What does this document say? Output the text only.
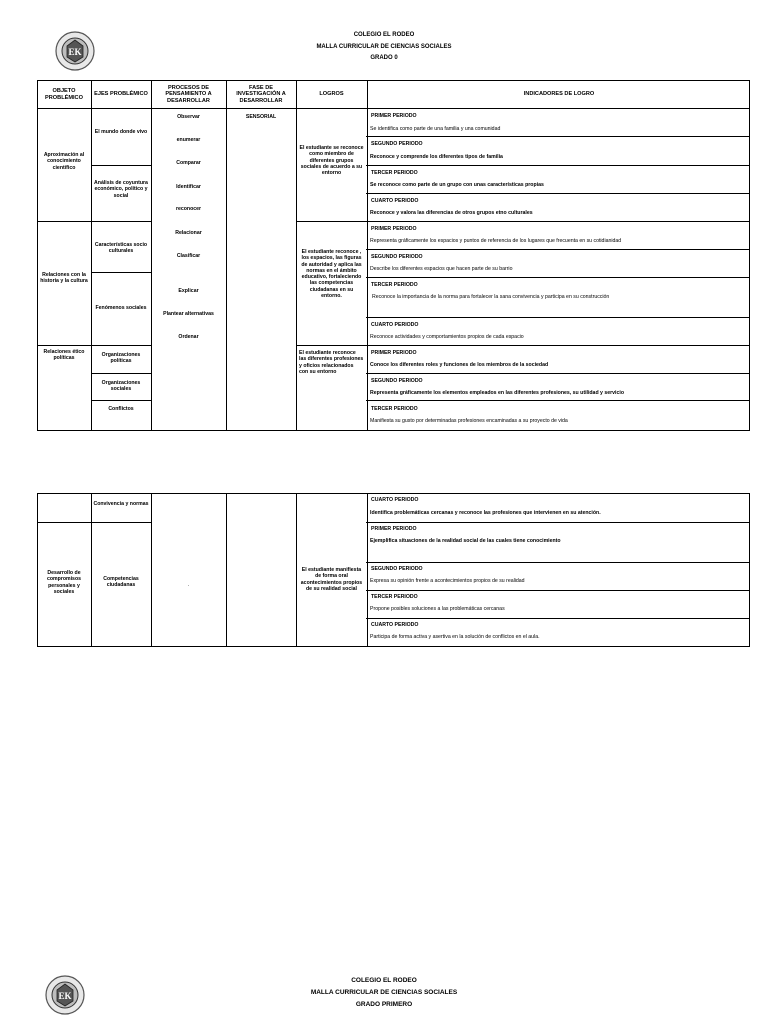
EK
COLEGIO EL RODEO
MALLA CURRICULAR DE CIENCIAS SOCIALES
GRADO 0
OBJETO PROBLÉMICO
EJES PROBLÉMICO
PROCESOS DE PENSAMIENTO A DESARROLLAR
FASE DE INVESTIGACIÓN A DESARROLLAR
LOGROS	INDICADORES DE LOGRO
Aproximación al conocimiento científico
Relaciones con la historia y la cultura
Relaciones ético políticas
El mundo donde vivo
Análisis de coyuntura económico, político y social
Características socio culturales
Fenómenos sociales
Organizaciones políticas
Organizaciones sociales
Conflictos
Observar
enumerar
Comparar
Identificar
reconocer
Relacionar
Clasificar
Explicar
Plantear alternativas
Ordenar
SENSORIAL
El estudiante se reconoce como miembro de diferentes grupos sociales de acuerdo a su entorno
El estudiante reconoce , los espacios, las figuras de autoridad y aplica las normas en el ámbito educativo, fortaleciendo las competencias ciudadanas en su entorno.
El estudiante reconoce las diferentes profesiones y oficios relacionados con su entorno
PRIMER PERIODO
Se identifica como parte de una familia y una comunidad
SEGUNDO PERIODO
Reconoce y comprende los diferentes tipos de familia
TERCER PERIODO
Se reconoce como parte de un grupo con unas características propias
CUARTO PERIODO
Reconoce y valora las diferencias de otros grupos etno culturales
PRIMER PERIODO
Representa gráficamente los espacios y puntos de referencia de los lugares que frecuenta en su cotidianidad
SEGUNDO PERIODO
Describe los diferentes espacios que hacen parte de su barrio
TERCER PERIODO
Reconoce la importancia de la norma para fortalecer la sana convivencia y participa en su construcción
CUARTO PERIODO
Reconoce actividades y comportamientos propios de cada espacio
PRIMER PERIODO
Conoce los diferentes roles y funciones de los miembros de la sociedad
SEGUNDO PERIODO
Representa gráficamente los elementos empleados en las diferentes profesiones, su utilidad y servicio
TERCER PERIODO
Manifiesta su gusto por determinadas profesiones encaminadas a su proyecto de vida
Convivencia y normas
Desarrollo de compromisos personales y sociales
Competencias ciudadanas	.
El estudiante manifiesta de forma oral acontecimientos propios de su realidad social
CUARTO PERIODO
Identifica problemáticas cercanas y reconoce las profesiones que intervienen en su atención.
PRIMER PERIODO
Ejemplifica situaciones de la realidad social de las cuales tiene conocimiento
SEGUNDO PERIODO
Expresa su opinión frente a acontecimientos propios de su realidad
TERCER PERIODO
Propone posibles soluciones a las problemáticas cercanas
CUARTO PERIODO
Participa de forma activa y asertiva en la solución de conflictos en el aula.
EK
COLEGIO EL RODEO
MALLA CURRICULAR DE CIENCIAS SOCIALES
GRADO PRIMERO
